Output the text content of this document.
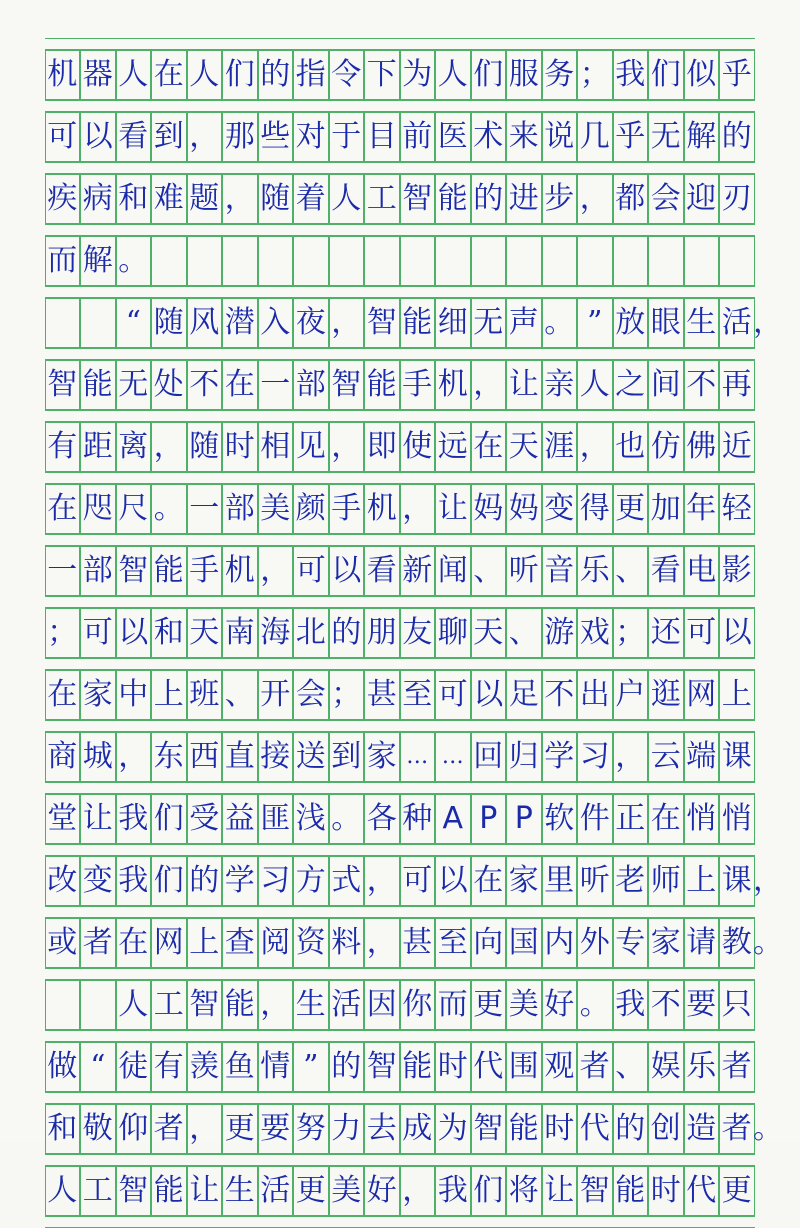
机 器 人 在 人 们 的 指 令 下 为 人 们 服 务 ； 我 们 似 乎
可 以 看 到 ， 那 些 对 于 目 前 医 术 来 说 几 乎 无 解 的
疾 病 和 难 题 ， 随 着 人 工 智 能 的 进 步 ， 都 会 迎 刃
而 解 。
“ 随 风 潜 入 夜 ， 智 能 细 无 声 。 ” 放 眼 生 活 ，
智 能 无 处 不 在 一 部 智 能 手 机 ， 让 亲 人 之 间 不 再
有 距 离 ， 随 时 相 见 ， 即 使 远 在 天 涯 ， 也 仿 佛 近
在 咫 尺 。 一 部 美 颜 手 机 ， 让 妈 妈 变 得 更 加 年 轻
一 部 智 能 手 机 ， 可 以 看 新 闻 、 听 音 乐 、 看 电 影
； 可 以 和 天 南 海 北 的 朋 友 聊 天 、 游 戏 ； 还 可 以
在 家 中 上 班 、 开 会 ； 甚 至 可 以 足 不 出 户 逛 网 上
商 城 ， 东 西 直 接 送 到 家 … … 回 归 学 习 ， 云 端 课
堂 让 我 们 受 益 匪 浅 。 各 种 A P P 软 件 正 在 悄 悄
改 变 我 们 的 学 习 方 式 ， 可 以 在 家 里 听 老 师 上 课 ，
或 者 在 网 上 查 阅 资 料 ， 甚 至 向 国 内 外 专 家 请 教 。
人 工 智 能 ， 生 活 因 你 而 更 美 好 。 我 不 要 只
做 “ 徒 有 羡 鱼 情 ” 的 智 能 时 代 围 观 者 、 娱 乐 者
和 敬 仰 者 ， 更 要 努 力 去 成 为 智 能 时 代 的 创 造 者 。
人 工 智 能 让 生 活 更 美 好 ， 我 们 将 让 智 能 时 代 更
